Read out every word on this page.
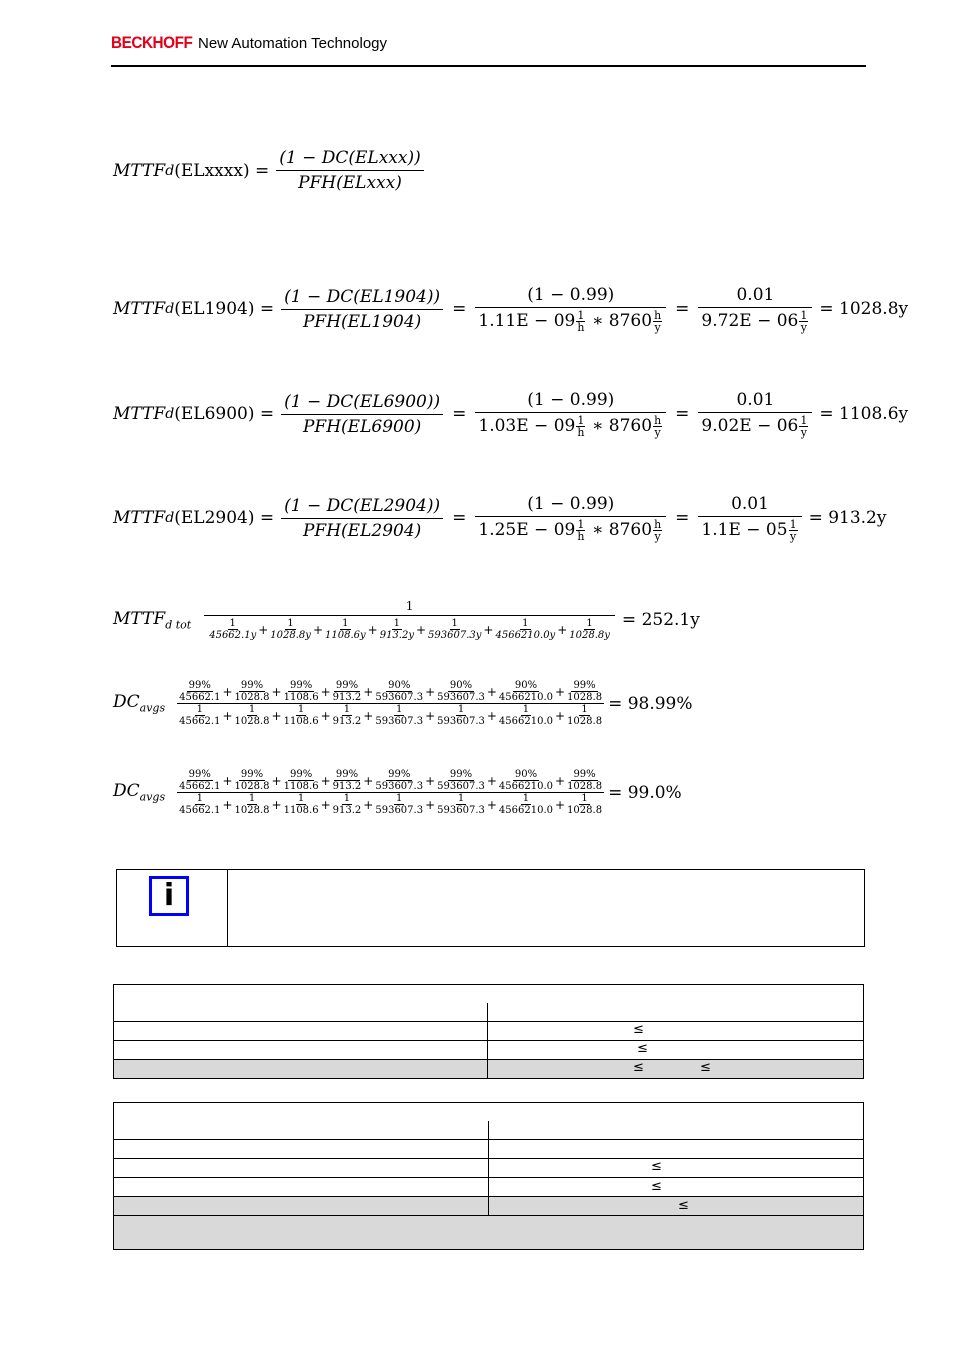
BECKHOFF New Automation Technology
MTTF d (ELxxxx) =
(1 − DC(ELxxx))
PFH(ELxxx)
MTTF d (EL1904) =
(1 − DC(EL1904))
PFH(EL1904)
= $\frac{(1 - 0.99)}{1.11E - 09 \frac{1}{h} ∗ 8760 \frac{h}{y}} = \frac{0.01}{9.72E - 06 \frac{1}{y}} = 1028.8y$
MTTF d (EL6900) =
(1 − DC(EL6900))
PFH(EL6900)
= $\frac{(1 - 0.99)}{1.03E - 09 \frac{1}{h} ∗ 8760 \frac{h}{y}} = \frac{0.01}{9.02E - 06 \frac{1}{y}} = 1108.6y$
MTTF d (EL2904) =
(1 − DC(EL2904))
PFH(EL2904)
= $\frac{(1 - 0.99)}{1.25E - 09 \frac{1}{h} ∗ 8760 \frac{h}{y}} = \frac{0.01}{1.1E - 05 \frac{1}{y}} = 913.2y$
$MTTF_{d tot}$
1
$\frac{1}{45662.1y} + \frac{1}{1028.8y} + \frac{1}{1108.6y} + \frac{1}{913.2y} + \frac{1}{593607.3y} + \frac{1}{4566210.0y} + \frac{1}{1028.8y} = 252.1y$
$DC_{avgs}$
$\frac{99\%}{45662.1} + \frac{99\%}{1028.8} + \frac{99\%}{1108.6} + \frac{99\%}{913.2} + \frac{90\%}{593607.3} + \frac{90\%}{593607.3} + \frac{90\%}{4566210.0} + \frac{99\%}{1028.8}$
$\frac{1}{45662.1} + \frac{1}{1028.8} + \frac{1}{1108.6} + \frac{1}{913.2} + \frac{1}{593607.3} + \frac{1}{593607.3} + \frac{1}{4566210.0} + \frac{1}{1028.8}$
= 98.99%
$DC_{avgs}$
$\frac{99\%}{45662.1} + \frac{99\%}{1028.8} + \frac{99\%}{1108.6} + \frac{99\%}{913.2} + \frac{99\%}{593607.3} + \frac{99\%}{593607.3} + \frac{90\%}{4566210.0} + \frac{99\%}{1028.8}$
$\frac{1}{45662.1} + \frac{1}{1028.8} + \frac{1}{1108.6} + \frac{1}{913.2} + \frac{1}{593607.3} + \frac{1}{593607.3} + \frac{1}{4566210.0} + \frac{1}{1028.8}$
= 99.0%
i

≤
≤
≤	≤

≤
≤
≤
